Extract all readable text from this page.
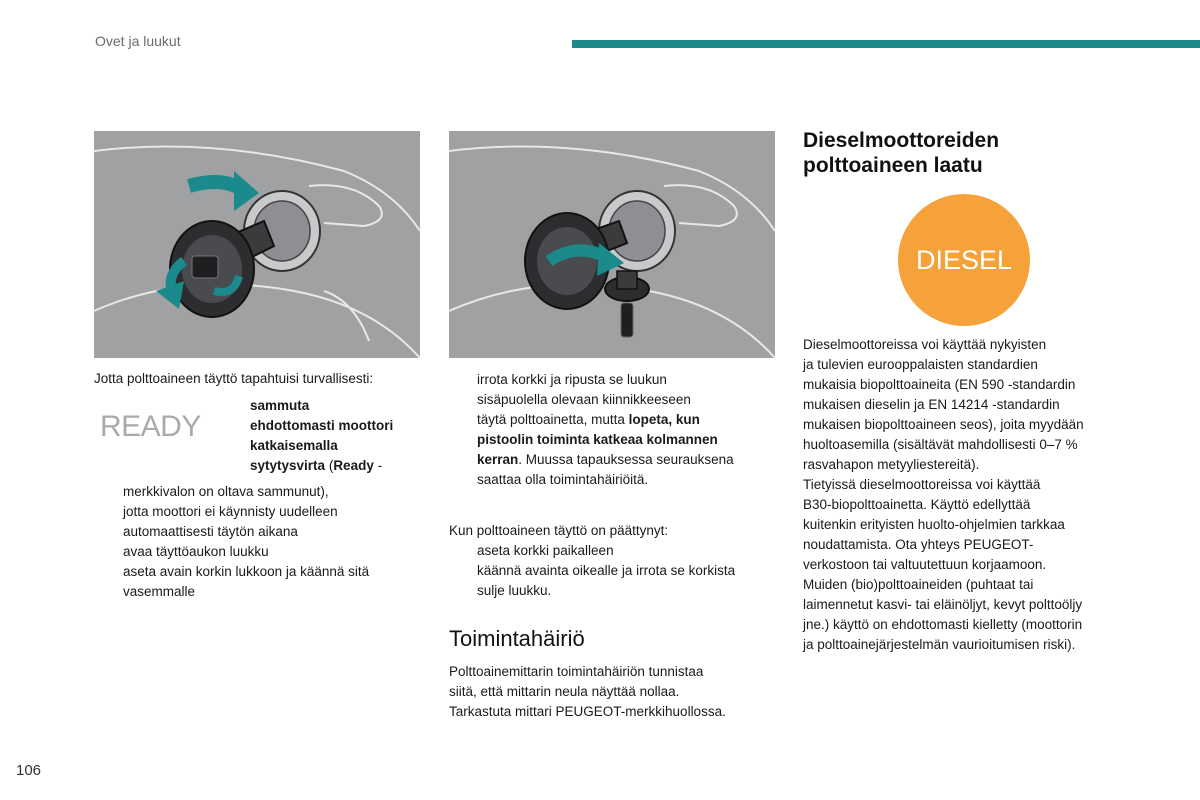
Ovet ja luukut
Jotta polttoaineen täyttö tapahtuisi turvallisesti:
READY
sammuta
ehdottomasti moottori
katkaisemalla
sytytysvirta (Ready -
merkkivalon on oltava sammunut),
jotta moottori ei käynnisty uudelleen
automaattisesti täytön aikana
avaa täyttöaukon luukku
aseta avain korkin lukkoon ja käännä sitä
vasemmalle
irrota korkki ja ripusta se luukun
sisäpuolella olevaan kiinnikkeeseen
täytä polttoainetta, mutta lopeta, kun
pistoolin toiminta katkeaa kolmannen
kerran. Muussa tapauksessa seurauksena
saattaa olla toimintahäiriöitä.
Kun polttoaineen täyttö on päättynyt:
aseta korkki paikalleen
käännä avainta oikealle ja irrota se korkista
sulje luukku.
Toimintahäiriö
Polttoainemittarin toimintahäiriön tunnistaa
siitä, että mittarin neula näyttää nollaa.
Tarkastuta mittari PEUGEOT-merkkihuollossa.
Dieselmoottoreiden
polttoaineen laatu
DIESEL
Dieselmoottoreissa voi käyttää nykyisten
ja tulevien eurooppalaisten standardien
mukaisia biopolttoaineita (EN 590 -standardin
mukaisen dieselin ja EN 14214 -standardin
mukaisen biopolttoaineen seos), joita myydään
huoltoasemilla (sisältävät mahdollisesti 0–7 %
rasvahapon metyyliestereitä).
Tietyissä dieselmoottoreissa voi käyttää
B30-biopolttoainetta. Käyttö edellyttää
kuitenkin erityisten huolto-ohjelmien tarkkaa
noudattamista. Ota yhteys PEUGEOT-
verkostoon tai valtuutettuun korjaamoon.
Muiden (bio)polttoaineiden (puhtaat tai
laimennetut kasvi- tai eläinöljyt, kevyt polttoöljy
jne.) käyttö on ehdottomasti kielletty (moottorin
ja polttoainejärjestelmän vaurioitumisen riski).
106
